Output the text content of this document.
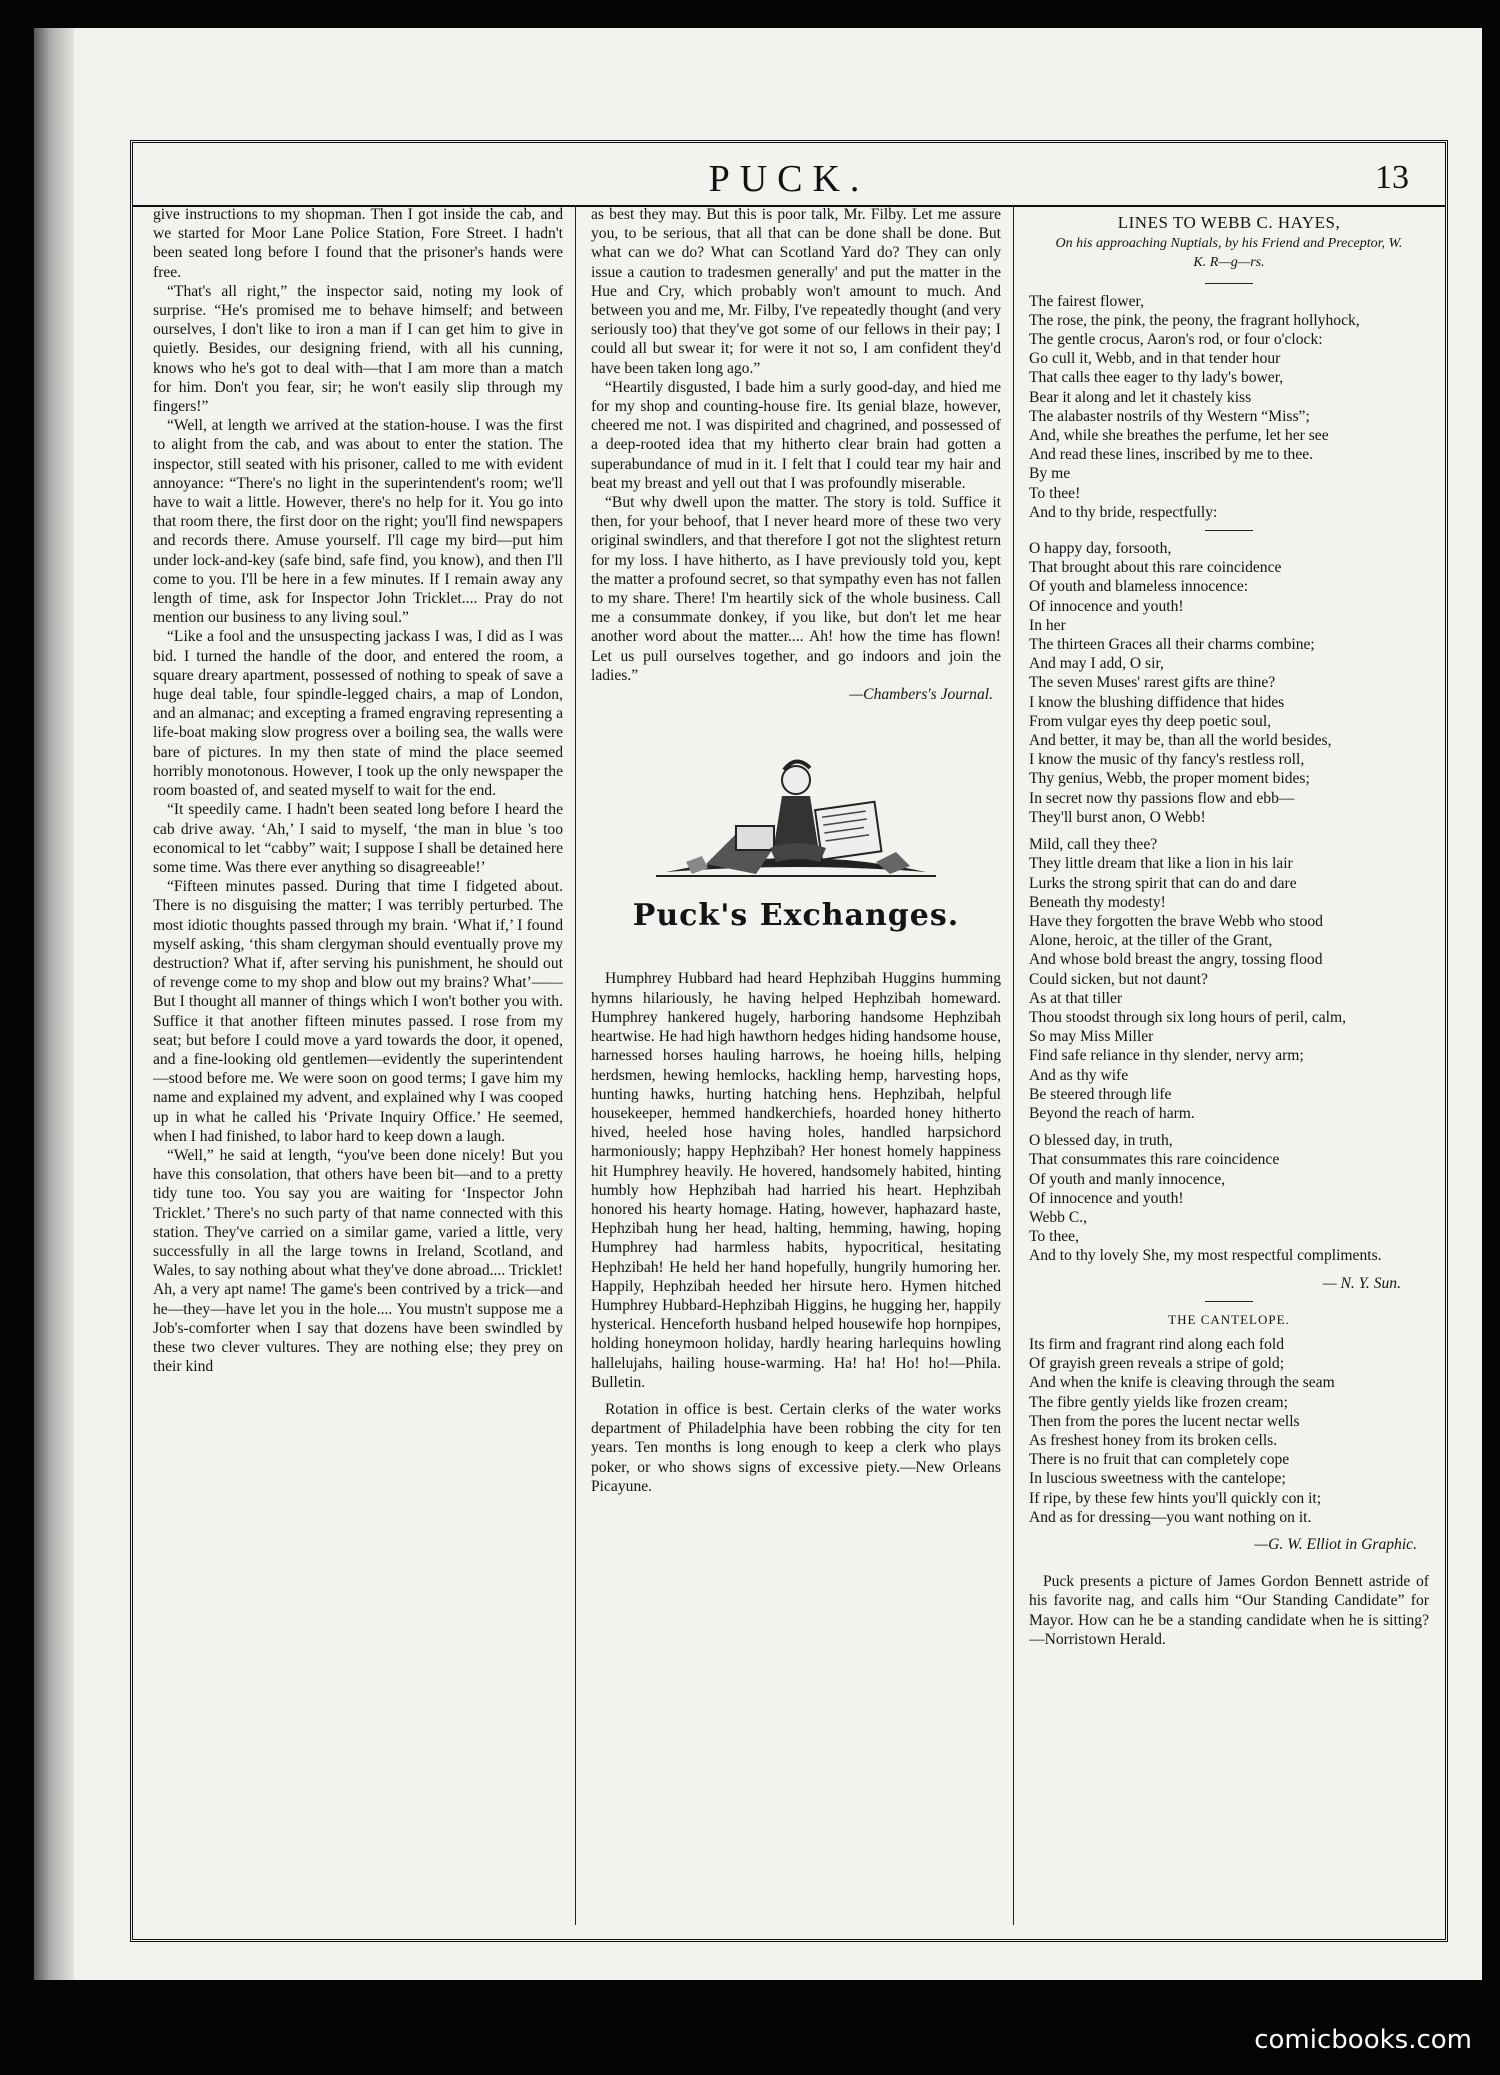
PUCK.	13

give instructions to my shopman. Then I got inside the cab, and we started for Moor Lane Police Station, Fore Street. I hadn't been seated long before I found that the prisoner's hands were free.

“That's all right,” the inspector said, noting my look of surprise. “He's promised me to behave himself; and between ourselves, I don't like to iron a man if I can get him to give in quietly. Besides, our designing friend, with all his cunning, knows who he's got to deal with—that I am more than a match for him. Don't you fear, sir; he won't easily slip through my fingers!”

“Well, at length we arrived at the station-house. I was the first to alight from the cab, and was about to enter the station. The inspector, still seated with his prisoner, called to me with evident annoyance: “There's no light in the superintendent's room; we'll have to wait a little. However, there's no help for it. You go into that room there, the first door on the right; you'll find newspapers and records there. Amuse yourself. I'll cage my bird—put him under lock-and-key (safe bind, safe find, you know), and then I'll come to you. I'll be here in a few minutes. If I remain away any length of time, ask for Inspector John Tricklet.... Pray do not mention our business to any living soul.”

“Like a fool and the unsuspecting jackass I was, I did as I was bid. I turned the handle of the door, and entered the room, a square dreary apartment, possessed of nothing to speak of save a huge deal table, four spindle-legged chairs, a map of London, and an almanac; and excepting a framed engraving representing a life-boat making slow progress over a boiling sea, the walls were bare of pictures. In my then state of mind the place seemed horribly monotonous. However, I took up the only newspaper the room boasted of, and seated myself to wait for the end.

“It speedily came. I hadn't been seated long before I heard the cab drive away. ‘Ah,’ I said to myself, ‘the man in blue 's too economical to let “cabby” wait; I suppose I shall be detained here some time. Was there ever anything so disagreeable!’

“Fifteen minutes passed. During that time I fidgeted about. There is no disguising the matter; I was terribly perturbed. The most idiotic thoughts passed through my brain. ‘What if,’ I found myself asking, ‘this sham clergyman should eventually prove my destruction? What if, after serving his punishment, he should out of revenge come to my shop and blow out my brains? What’—— But I thought all manner of things which I won't bother you with. Suffice it that another fifteen minutes passed. I rose from my seat; but before I could move a yard towards the door, it opened, and a fine-looking old gentlemen—evidently the superintendent—stood before me. We were soon on good terms; I gave him my name and explained my advent, and explained why I was cooped up in what he called his ‘Private Inquiry Office.’ He seemed, when I had finished, to labor hard to keep down a laugh.

“Well,” he said at length, “you've been done nicely! But you have this consolation, that others have been bit—and to a pretty tidy tune too. You say you are waiting for ‘Inspector John Tricklet.’ There's no such party of that name connected with this station. They've carried on a similar game, varied a little, very successfully in all the large towns in Ireland, Scotland, and Wales, to say nothing about what they've done abroad.... Tricklet! Ah, a very apt name! The game's been contrived by a trick—and he—they—have let you in the hole.... You mustn't suppose me a Job's-comforter when I say that dozens have been swindled by these two clever vultures. They are nothing else; they prey on their kind

as best they may. But this is poor talk, Mr. Filby. Let me assure you, to be serious, that all that can be done shall be done. But what can we do? What can Scotland Yard do? They can only issue a caution to tradesmen generally' and put the matter in the Hue and Cry, which probably won't amount to much. And between you and me, Mr. Filby, I've repeatedly thought (and very seriously too) that they've got some of our fellows in their pay; I could all but swear it; for were it not so, I am confident they'd have been taken long ago.”

“Heartily disgusted, I bade him a surly good-day, and hied me for my shop and counting-house fire. Its genial blaze, however, cheered me not. I was dispirited and chagrined, and possessed of a deep-rooted idea that my hitherto clear brain had gotten a superabundance of mud in it. I felt that I could tear my hair and beat my breast and yell out that I was profoundly miserable.

“But why dwell upon the matter. The story is told. Suffice it then, for your behoof, that I never heard more of these two very original swindlers, and that therefore I got not the slightest return for my loss. I have hitherto, as I have previously told you, kept the matter a profound secret, so that sympathy even has not fallen to my share. There! I'm heartily sick of the whole business. Call me a consummate donkey, if you like, but don't let me hear another word about the matter.... Ah! how the time has flown! Let us pull ourselves together, and go indoors and join the ladies.”

—Chambers's Journal.
Puck's Exchanges.

Humphrey Hubbard had heard Hephzibah Huggins humming hymns hilariously, he having helped Hephzibah homeward. Humphrey hankered hugely, harboring handsome Hephzibah heartwise. He had high hawthorn hedges hiding handsome house, harnessed horses hauling harrows, he hoeing hills, helping herdsmen, hewing hemlocks, hackling hemp, harvesting hops, hunting hawks, hurting hatching hens. Hephzibah, helpful housekeeper, hemmed handkerchiefs, hoarded honey hitherto hived, heeled hose having holes, handled harpsichord harmoniously; happy Hephzibah? Her honest homely happiness hit Humphrey heavily. He hovered, handsomely habited, hinting humbly how Hephzibah had harried his heart. Hephzibah honored his hearty homage. Hating, however, haphazard haste, Hephzibah hung her head, halting, hemming, hawing, hoping Humphrey had harmless habits, hypocritical, hesitating Hephzibah! He held her hand hopefully, hungrily humoring her. Happily, Hephzibah heeded her hirsute hero. Hymen hitched Humphrey Hubbard-Hephzibah Higgins, he hugging her, happily hysterical. Henceforth husband helped housewife hop hornpipes, holding honeymoon holiday, hardly hearing harlequins howling hallelujahs, hailing house-warming. Ha! ha! Ho! ho!—Phila. Bulletin.

Rotation in office is best. Certain clerks of the water works department of Philadelphia have been robbing the city for ten years. Ten months is long enough to keep a clerk who plays poker, or who shows signs of excessive piety.—New Orleans Picayune.

LINES TO WEBB C. HAYES,
On his approaching Nuptials, by his Friend and Preceptor, W. K. R—g—rs.
The fairest flower,
The rose, the pink, the peony, the fragrant hollyhock,
The gentle crocus, Aaron's rod, or four o'clock:
Go cull it, Webb, and in that tender hour
That calls thee eager to thy lady's bower,
Bear it along and let it chastely kiss
The alabaster nostrils of thy Western “Miss”;
And, while she breathes the perfume, let her see
And read these lines, inscribed by me to thee.
By me
To thee!
And to thy bride, respectfully:
O happy day, forsooth,
That brought about this rare coincidence
Of youth and blameless innocence:
Of innocence and youth!
In her
The thirteen Graces all their charms combine;
And may I add, O sir,
The seven Muses' rarest gifts are thine?
I know the blushing diffidence that hides
From vulgar eyes thy deep poetic soul,
And better, it may be, than all the world besides,
I know the music of thy fancy's restless roll,
Thy genius, Webb, the proper moment bides;
In secret now thy passions flow and ebb—
They'll burst anon, O Webb!
Mild, call they thee?
They little dream that like a lion in his lair
Lurks the strong spirit that can do and dare
Beneath thy modesty!
Have they forgotten the brave Webb who stood
Alone, heroic, at the tiller of the Grant,
And whose bold breast the angry, tossing flood
Could sicken, but not daunt?
As at that tiller
Thou stoodst through six long hours of peril, calm,
So may Miss Miller
Find safe reliance in thy slender, nervy arm;
And as thy wife
Be steered through life
Beyond the reach of harm.
O blessed day, in truth,
That consummates this rare coincidence
Of youth and manly innocence,
Of innocence and youth!
Webb C.,
To thee,
And to thy lovely She, my most respectful compliments.
— N. Y. Sun.
THE CANTELOPE.
Its firm and fragrant rind along each fold
Of grayish green reveals a stripe of gold;
And when the knife is cleaving through the seam
The fibre gently yields like frozen cream;
Then from the pores the lucent nectar wells
As freshest honey from its broken cells.
There is no fruit that can completely cope
In luscious sweetness with the cantelope;
If ripe, by these few hints you'll quickly con it;
And as for dressing—you want nothing on it.
—G. W. Elliot in Graphic.

Puck presents a picture of James Gordon Bennett astride of his favorite nag, and calls him “Our Standing Candidate” for Mayor. How can he be a standing candidate when he is sitting?—Norristown Herald.

comicbooks.com
